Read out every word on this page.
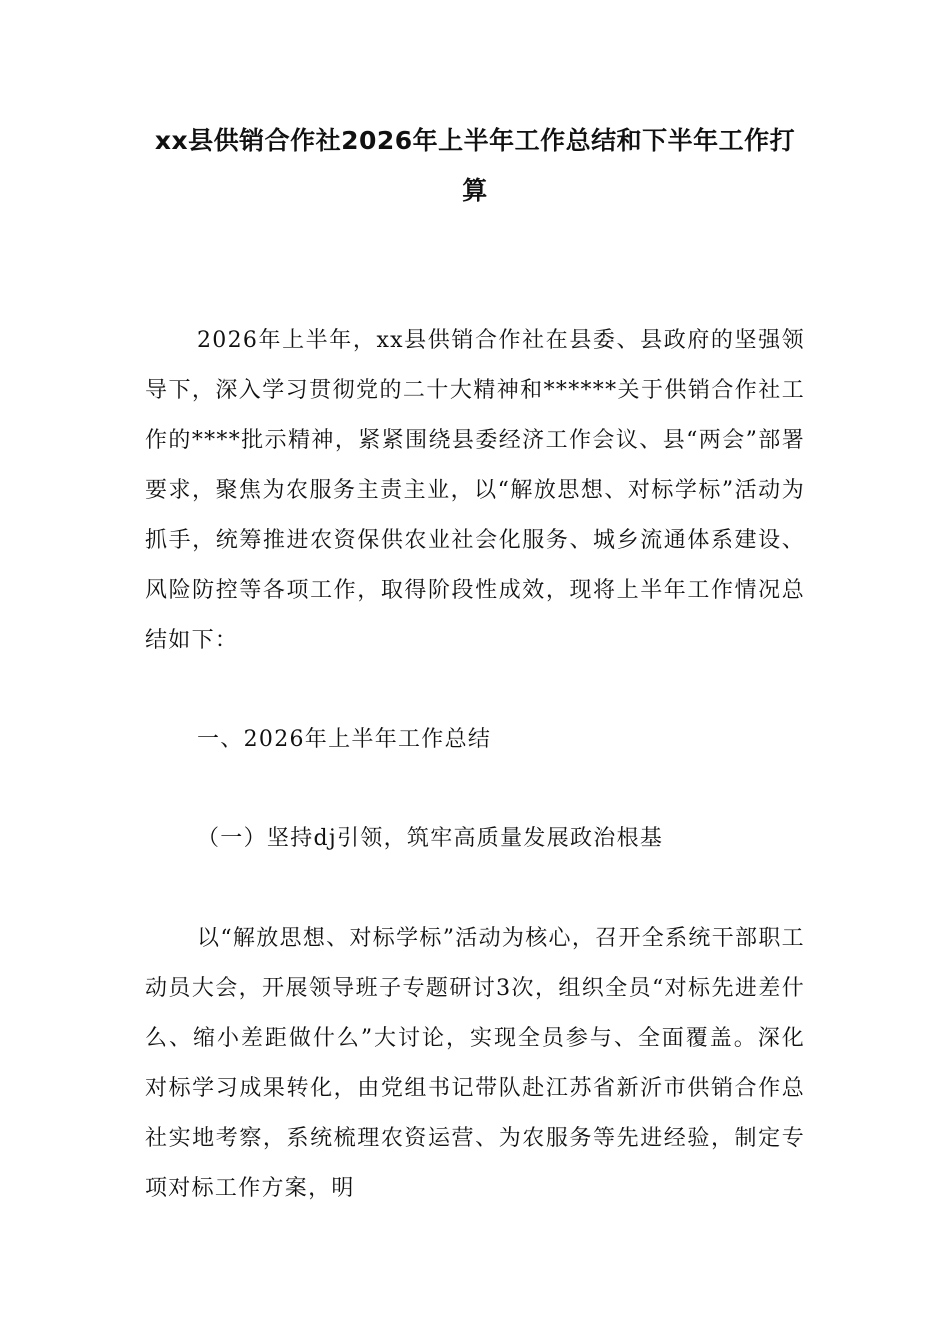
xx县供销合作社2026年上半年工作总结和下半年工作打算

2026年上半年，xx县供销合作社在县委、县政府的坚强领导下，深入学习贯彻党的二十大精神和******关于供销合作社工作的****批示精神，紧紧围绕县委经济工作会议、县“两会”部署要求，聚焦为农服务主责主业，以“解放思想、对标学标”活动为抓手，统筹推进农资保供农业社会化服务、城乡流通体系建设、风险防控等各项工作，取得阶段性成效，现将上半年工作情况总结如下：

一、2026年上半年工作总结

（一）坚持dj引领，筑牢高质量发展政治根基

以“解放思想、对标学标”活动为核心，召开全系统干部职工动员大会，开展领导班子专题研讨3次，组织全员“对标先进差什么、缩小差距做什么”大讨论，实现全员参与、全面覆盖。深化对标学习成果转化，由党组书记带队赴江苏省新沂市供销合作总社实地考察，系统梳理农资运营、为农服务等先进经验，制定专项对标工作方案，明
